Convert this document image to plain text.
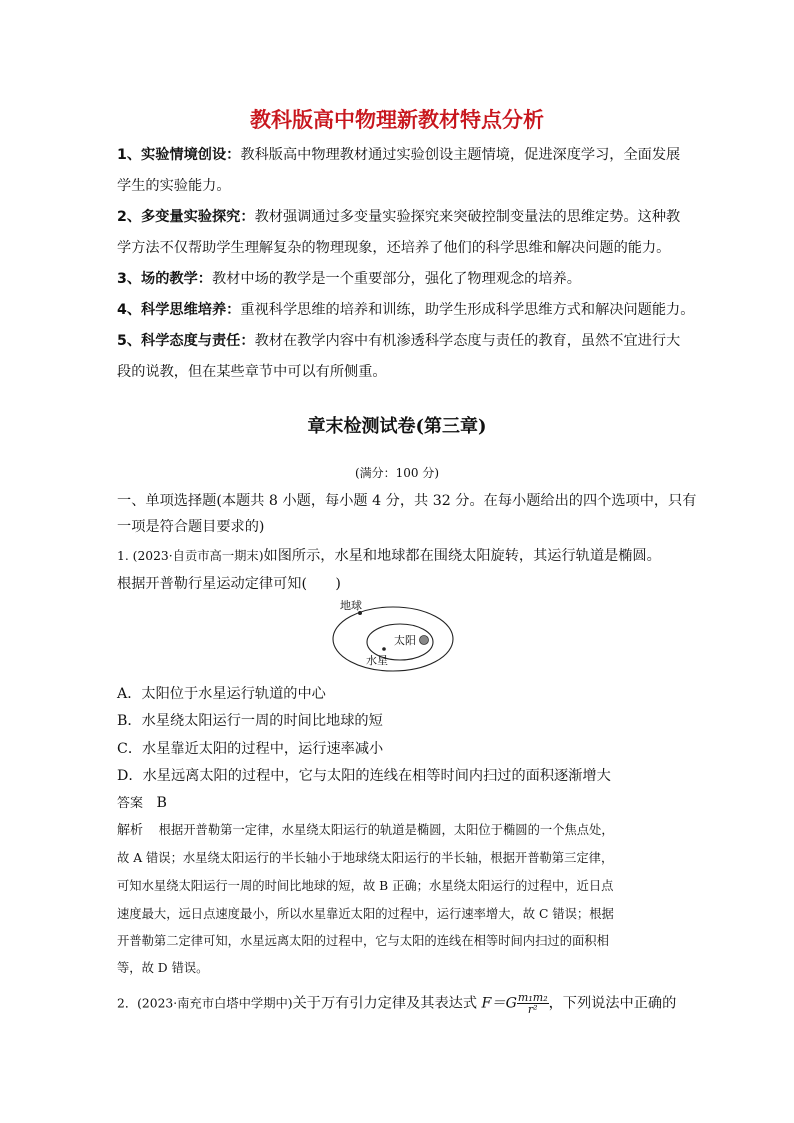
教科版高中物理新教材特点分析
1、实验情境创设：教科版高中物理教材通过实验创设主题情境，促进深度学习，全面发展
学生的实验能力。
2、多变量实验探究：教材强调通过多变量实验探究来突破控制变量法的思维定势。这种教
学方法不仅帮助学生理解复杂的物理现象，还培养了他们的科学思维和解决问题的能力。
3、场的教学：教材中场的教学是一个重要部分，强化了物理观念的培养。
4、科学思维培养：重视科学思维的培养和训练，助学生形成科学思维方式和解决问题能力。
5、科学态度与责任：教材在教学内容中有机渗透科学态度与责任的教育，虽然不宜进行大
段的说教，但在某些章节中可以有所侧重。
章末检测试卷(第三章)
(满分：100 分)
一、单项选择题(本题共 8 小题，每小题 4 分，共 32 分。在每小题给出的四个选项中，只有
一项是符合题目要求的)
1. (2023·自贡市高一期末)如图所示，水星和地球都在围绕太阳旋转，其运行轨道是椭圆。
根据开普勒行星运动定律可知(　　)
地球
太阳
水星
A．太阳位于水星运行轨道的中心
B．水星绕太阳运行一周的时间比地球的短
C．水星靠近太阳的过程中，运行速率减小
D．水星远离太阳的过程中，它与太阳的连线在相等时间内扫过的面积逐渐增大
答案 B
解析 根据开普勒第一定律，水星绕太阳运行的轨道是椭圆，太阳位于椭圆的一个焦点处，
故 A 错误；水星绕太阳运行的半长轴小于地球绕太阳运行的半长轴，根据开普勒第三定律，
可知水星绕太阳运行一周的时间比地球的短，故 B 正确；水星绕太阳运行的过程中，近日点
速度最大，远日点速度最小，所以水星靠近太阳的过程中，运行速率增大，故 C 错误；根据
开普勒第二定律可知，水星远离太阳的过程中，它与太阳的连线在相等时间内扫过的面积相
等，故 D 错误。
2．(2023·南充市白塔中学期中)关于万有引力定律及其表达式 $F=G \frac{\text{m₁m₂}}{\text{r²}}$ ，下列说法中正确的
